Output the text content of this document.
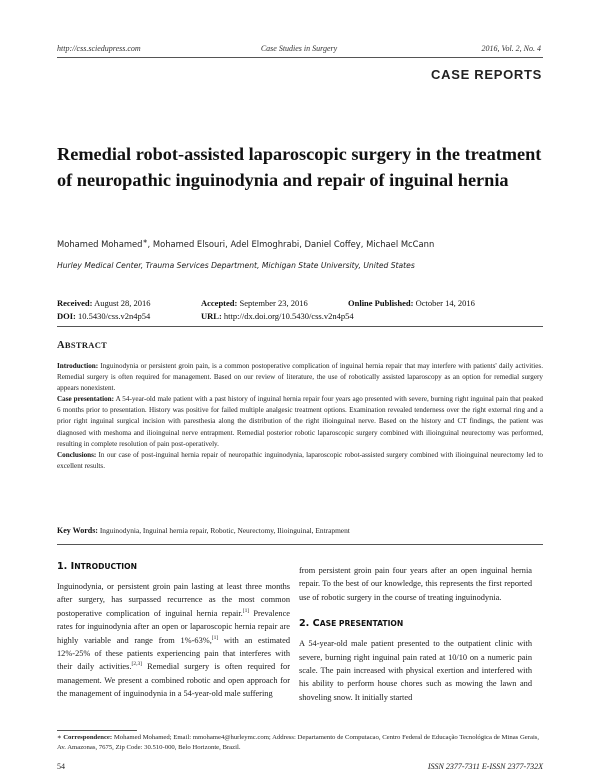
http://css.sciedupress.com	Case Studies in Surgery	2016, Vol. 2, No. 4
CASE REPORTS
Remedial robot-assisted laparoscopic surgery in the treatment of neuropathic inguinodynia and repair of inguinal hernia
Mohamed Mohamed∗, Mohamed Elsouri, Adel Elmoghrabi, Daniel Coffey, Michael McCann
Hurley Medical Center, Trauma Services Department, Michigan State University, United States
Received: August 28, 2016	Accepted: September 23, 2016	Online Published: October 14, 2016
DOI: 10.5430/css.v2n4p54	URL: http://dx.doi.org/10.5430/css.v2n4p54
ABSTRACT

Introduction: Inguinodynia or persistent groin pain, is a common postoperative complication of inguinal hernia repair that may interfere with patients' daily activities. Remedial surgery is often required for management. Based on our review of literature, the use of robotically assisted laparoscopy as an option for remedial surgery appears nonexistent.

Case presentation: A 54-year-old male patient with a past history of inguinal hernia repair four years ago presented with severe, burning right inguinal pain that peaked 6 months prior to presentation. History was positive for failed multiple analgesic treatment options. Examination revealed tenderness over the right external ring and a prior right inguinal surgical incision with paresthesia along the distribution of the right ilioinguinal nerve. Based on the history and CT findings, the patient was diagnosed with meshoma and ilioinguinal nerve entrapment. Remedial posterior robotic laparoscopic surgery combined with ilioinguinal neurectomy was performed, resulting in complete resolution of pain post-operatively.

Conclusions: In our case of post-inguinal hernia repair of neuropathic inguinodynia, laparoscopic robot-assisted surgery combined with ilioinguinal neurectomy led to excellent results.

Key Words: Inguinodynia, Inguinal hernia repair, Robotic, Neurectomy, Ilioinguinal, Entrapment
1. INTRODUCTION

Inguinodynia, or persistent groin pain lasting at least three months after surgery, has surpassed recurrence as the most common postoperative complication of inguinal hernia repair.[1] Prevalence rates for inguinodynia after an open or laparoscopic hernia repair are highly variable and range from 1%-63%,[1] with an estimated 12%-25% of these patients experiencing pain that interferes with their daily activities.[2,3] Remedial surgery is often required for management. We present a combined robotic and open approach for the management of inguinodynia in a 54-year-old male suffering

from persistent groin pain four years after an open inguinal hernia repair. To the best of our knowledge, this represents the first reported use of robotic surgery in the course of treating inguinodynia.

2. CASE PRESENTATION

A 54-year-old male patient presented to the outpatient clinic with severe, burning right inguinal pain rated at 10/10 on a numeric pain scale. The pain increased with physical exertion and interfered with his ability to perform house chores such as mowing the lawn and shoveling snow. It initially started

∗ Correspondence: Mohamed Mohamed; Email: mmohame4@hurleymc.com; Address: Departamento de Computacao, Centro Federal de Educação Tecnológica de Minas Gerais, Av. Amazonas, 7675, Zip Code: 30.510-000, Belo Horizonte, Brazil.
54	ISSN 2377-7311 E-ISSN 2377-732X
